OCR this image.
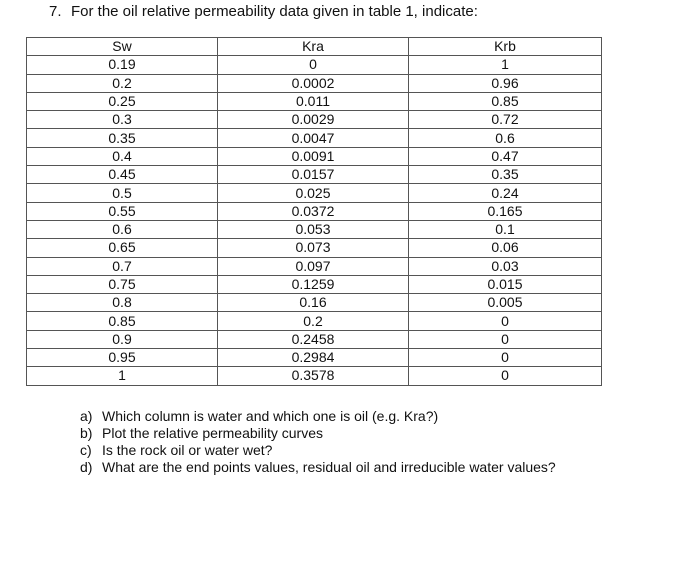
7. For the oil relative permeability data given in table 1, indicate:
Sw	Kra	Krb
0.19	0	1
0.2	0.0002	0.96
0.25	0.011	0.85
0.3	0.0029	0.72
0.35	0.0047	0.6
0.4	0.0091	0.47
0.45	0.0157	0.35
0.5	0.025	0.24
0.55	0.0372	0.165
0.6	0.053	0.1
0.65	0.073	0.06
0.7	0.097	0.03
0.75	0.1259	0.015
0.8	0.16	0.005
0.85	0.2	0
0.9	0.2458	0
0.95	0.2984	0
1	0.3578	0
a) Which column is water and which one is oil (e.g. Kra?)
b) Plot the relative permeability curves
c) Is the rock oil or water wet?
d) What are the end points values, residual oil and irreducible water values?
